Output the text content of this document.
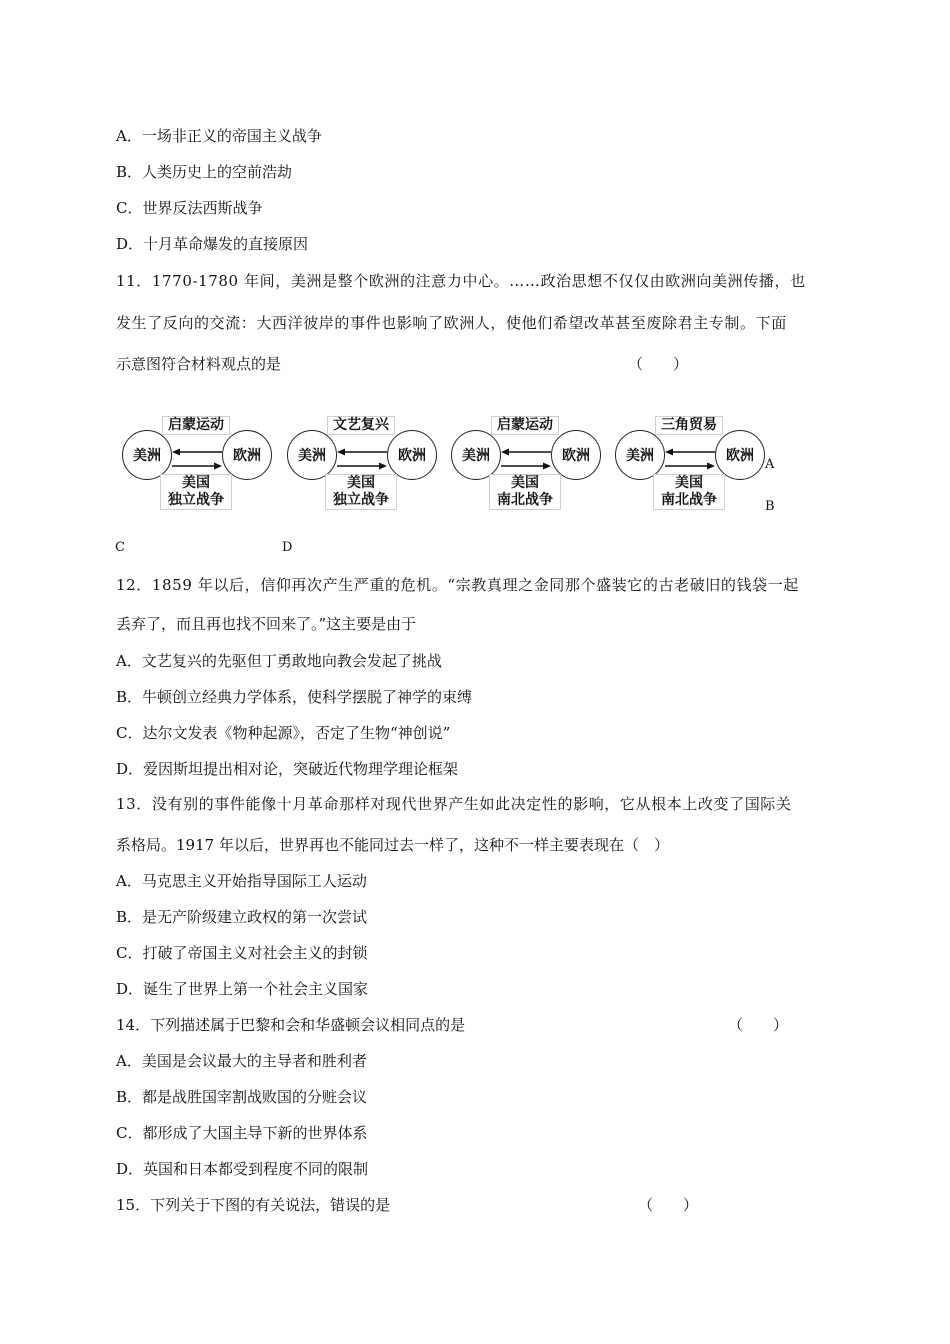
A．一场非正义的帝国主义战争
B．人类历史上的空前浩劫
C．世界反法西斯战争
D．十月革命爆发的直接原因
11．1770-1780 年间，美洲是整个欧洲的注意力中心。……政治思想不仅仅由欧洲向美洲传播，也
发生了反向的交流：大西洋彼岸的事件也影响了欧洲人，使他们希望改革甚至废除君主专制。下面
示意图符合材料观点的是	（　　）
启蒙运动
美洲	欧洲
美国
独立战争
文艺复兴
美洲	欧洲
美国
独立战争
启蒙运动
美洲	欧洲
美国
南北战争
三角贸易
美洲	欧洲
美国
南北战争
A
B
C	D
12．1859 年以后，信仰再次产生严重的危机。“宗教真理之金同那个盛装它的古老破旧的钱袋一起
丢弃了，而且再也找不回来了。”这主要是由于
A．文艺复兴的先驱但丁勇敢地向教会发起了挑战
B．牛顿创立经典力学体系，使科学摆脱了神学的束缚
C．达尔文发表《物种起源》，否定了生物“神创说”
D．爱因斯坦提出相对论，突破近代物理学理论框架
13．没有别的事件能像十月革命那样对现代世界产生如此决定性的影响，它从根本上改变了国际关
系格局。1917 年以后，世界再也不能同过去一样了，这种不一样主要表现在（　）
A．马克思主义开始指导国际工人运动
B．是无产阶级建立政权的第一次尝试
C．打破了帝国主义对社会主义的封锁
D．诞生了世界上第一个社会主义国家
14．下列描述属于巴黎和会和华盛顿会议相同点的是	（　　）
A．美国是会议最大的主导者和胜利者
B．都是战胜国宰割战败国的分赃会议
C．都形成了大国主导下新的世界体系
D．英国和日本都受到程度不同的限制
15．下列关于下图的有关说法，错误的是	（　　）
